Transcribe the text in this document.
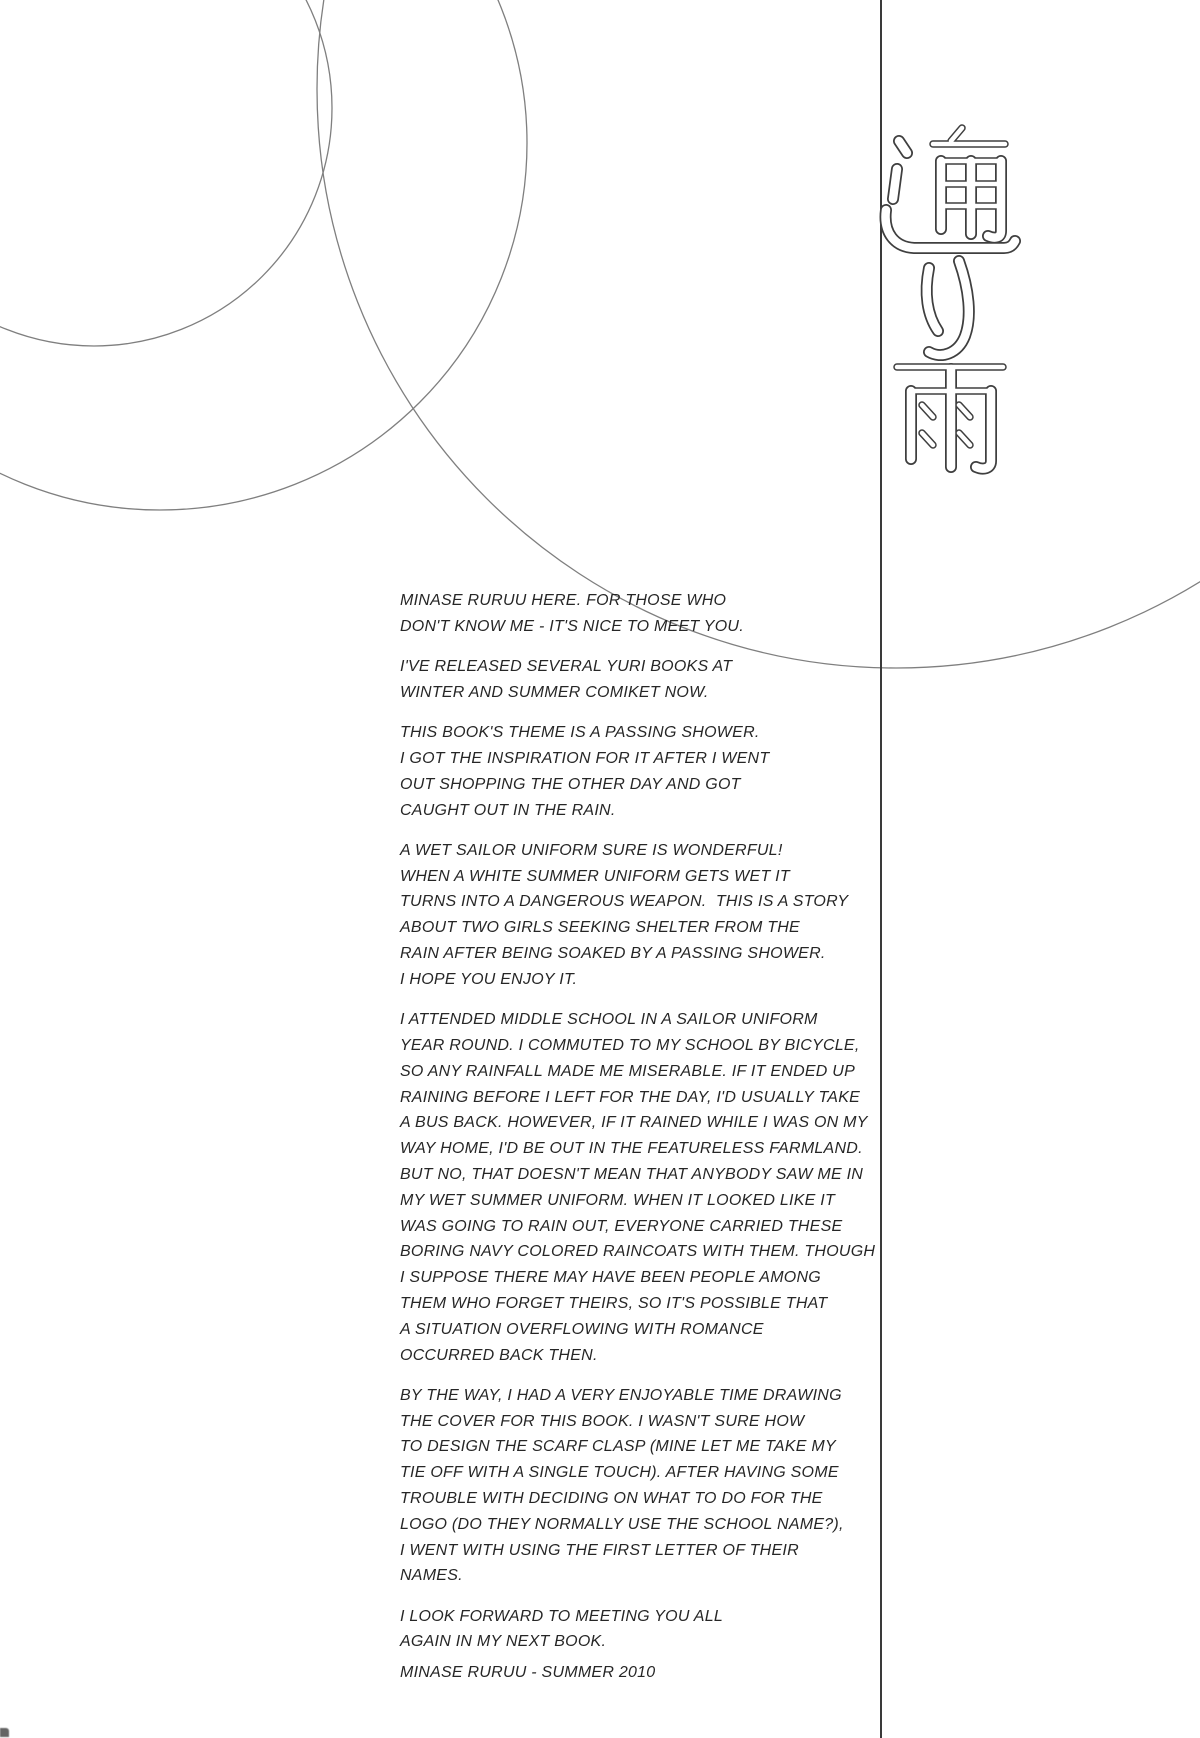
MINASE RURUU HERE. FOR THOSE WHO
DON'T KNOW ME - IT'S NICE TO MEET YOU.

I'VE RELEASED SEVERAL YURI BOOKS AT
WINTER AND SUMMER COMIKET NOW.

THIS BOOK'S THEME IS A PASSING SHOWER.
I GOT THE INSPIRATION FOR IT AFTER I WENT
OUT SHOPPING THE OTHER DAY AND GOT
CAUGHT OUT IN THE RAIN.

A WET SAILOR UNIFORM SURE IS WONDERFUL!
WHEN A WHITE SUMMER UNIFORM GETS WET IT
TURNS INTO A DANGEROUS WEAPON.  THIS IS A STORY
ABOUT TWO GIRLS SEEKING SHELTER FROM THE
RAIN AFTER BEING SOAKED BY A PASSING SHOWER.
I HOPE YOU ENJOY IT.

I ATTENDED MIDDLE SCHOOL IN A SAILOR UNIFORM
YEAR ROUND. I COMMUTED TO MY SCHOOL BY BICYCLE,
SO ANY RAINFALL MADE ME MISERABLE. IF IT ENDED UP
RAINING BEFORE I LEFT FOR THE DAY, I'D USUALLY TAKE
A BUS BACK. HOWEVER, IF IT RAINED WHILE I WAS ON MY
WAY HOME, I'D BE OUT IN THE FEATURELESS FARMLAND.
BUT NO, THAT DOESN'T MEAN THAT ANYBODY SAW ME IN
MY WET SUMMER UNIFORM. WHEN IT LOOKED LIKE IT
WAS GOING TO RAIN OUT, EVERYONE CARRIED THESE
BORING NAVY COLORED RAINCOATS WITH THEM. THOUGH
I SUPPOSE THERE MAY HAVE BEEN PEOPLE AMONG
THEM WHO FORGET THEIRS, SO IT'S POSSIBLE THAT
A SITUATION OVERFLOWING WITH ROMANCE
OCCURRED BACK THEN.

BY THE WAY, I HAD A VERY ENJOYABLE TIME DRAWING
THE COVER FOR THIS BOOK. I WASN'T SURE HOW
TO DESIGN THE SCARF CLASP (MINE LET ME TAKE MY
TIE OFF WITH A SINGLE TOUCH). AFTER HAVING SOME
TROUBLE WITH DECIDING ON WHAT TO DO FOR THE
LOGO (DO THEY NORMALLY USE THE SCHOOL NAME?),
I WENT WITH USING THE FIRST LETTER OF THEIR
NAMES.

I LOOK FORWARD TO MEETING YOU ALL
AGAIN IN MY NEXT BOOK.

MINASE RURUU - SUMMER 2010
